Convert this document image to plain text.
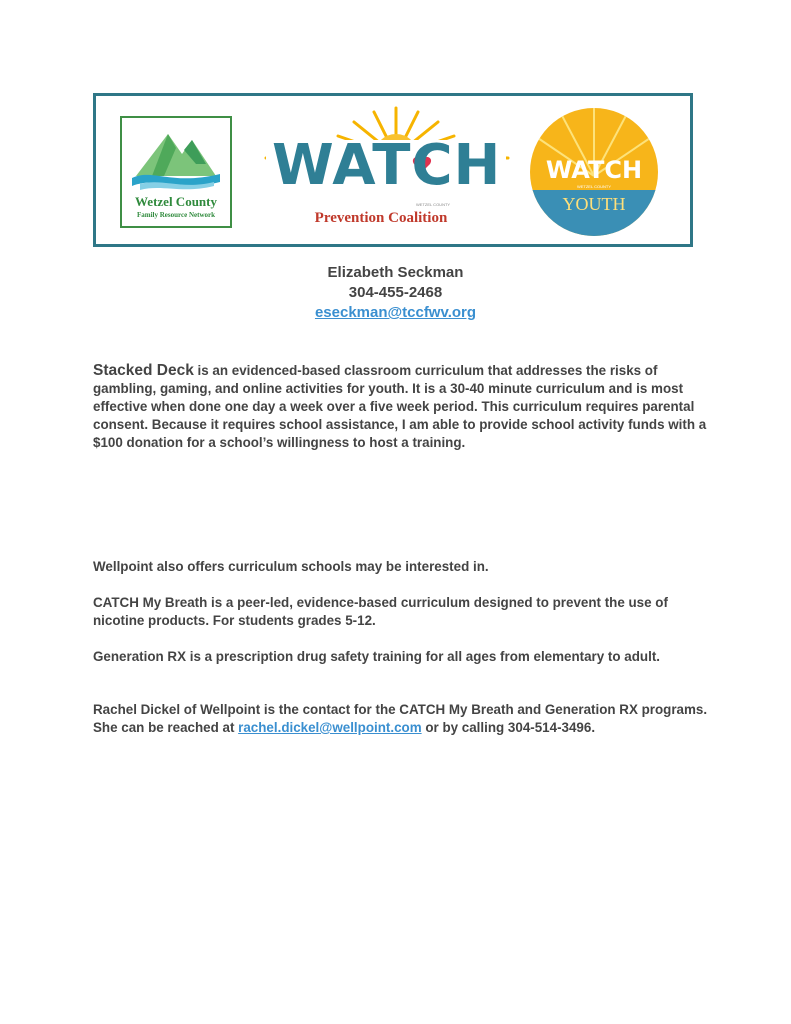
Wetzel County
Family Resource Network
WATCH
WETZEL COUNTY
Prevention Coalition
WATCH
WETZEL COUNTY
YOUTH
Elizabeth Seckman
304-455-2468
eseckman@tccfwv.org
Stacked Deck is an evidenced-based classroom curriculum that addresses the risks of gambling, gaming, and online activities for youth. It is a 30-40 minute curriculum and is most effective when done one day a week over a five week period. This curriculum requires parental consent. Because it requires school assistance, I am able to provide school activity funds with a $100 donation for a school’s willingness to host a training.
Wellpoint also offers curriculum schools may be interested in.
CATCH My Breath is a peer-led, evidence-based curriculum designed to prevent the use of nicotine products. For students grades 5-12.
Generation RX is a prescription drug safety training for all ages from elementary to adult.
Rachel Dickel of Wellpoint is the contact for the CATCH My Breath and Generation RX programs. She can be reached at rachel.dickel@wellpoint.com or by calling 304-514-3496.
